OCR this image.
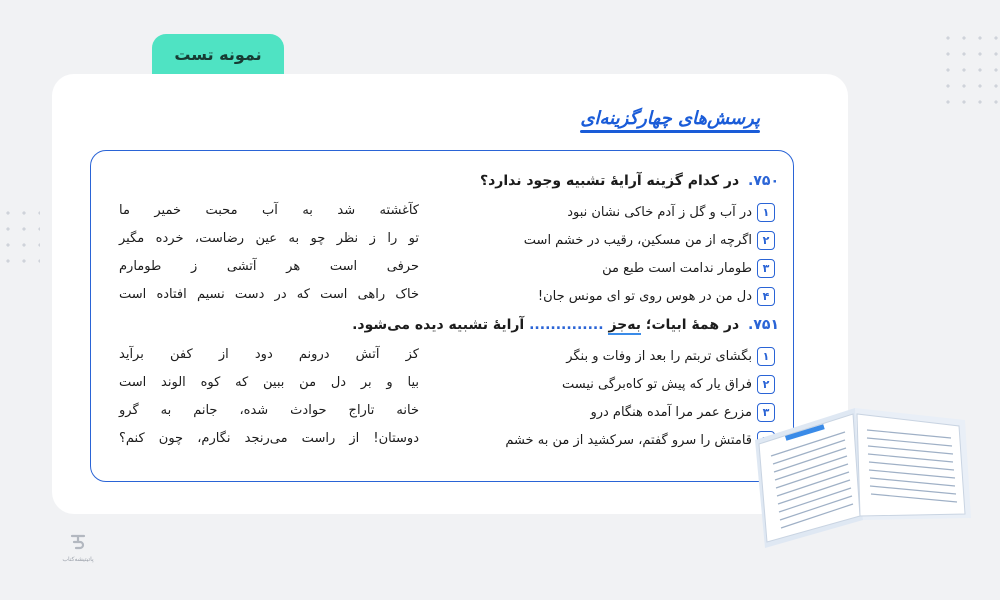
نمونه تست
پرسش‌های چهارگزینه‌ای
۷۵۰. در کدام گزینه آرایهٔ تشبیه وجود ندارد؟
۱
در آب و گل ز آدم خاکی نشان نبود
کآغشته شد به آب محبت خمیر ما
۲
اگرچه از من مسکین، رقیب در خشم است
تو را ز نظر چو به عین رضاست، خرده مگیر
۳
طومار ندامت است طبع من
حرفی است هر آتشی ز طومارم
۴
دل من در هوس روی تو ای مونس جان!
خاک راهی است که در دست نسیم افتاده است
۷۵۱. در همهٔ ابیات؛ به‌جز .............. آرایهٔ تشبیه دیده می‌شود.
۱
بگشای تربتم را بعد از وفات و بنگر
کز آتش درونم دود از کفن برآید
۲
فراق یار که پیش تو کاه‌برگی نیست
بیا و بر دل من ببین که کوه الوند است
۳
مزرع عمر مرا آمده هنگام درو
خانه تاراج حوادث شده، جانم به گرو
قامتش را سرو گفتم، سرکشید از من به خشم
دوستان! از راست می‌رنجد نگارم، چون کنم؟
پاتیتیشه‌کتاب
